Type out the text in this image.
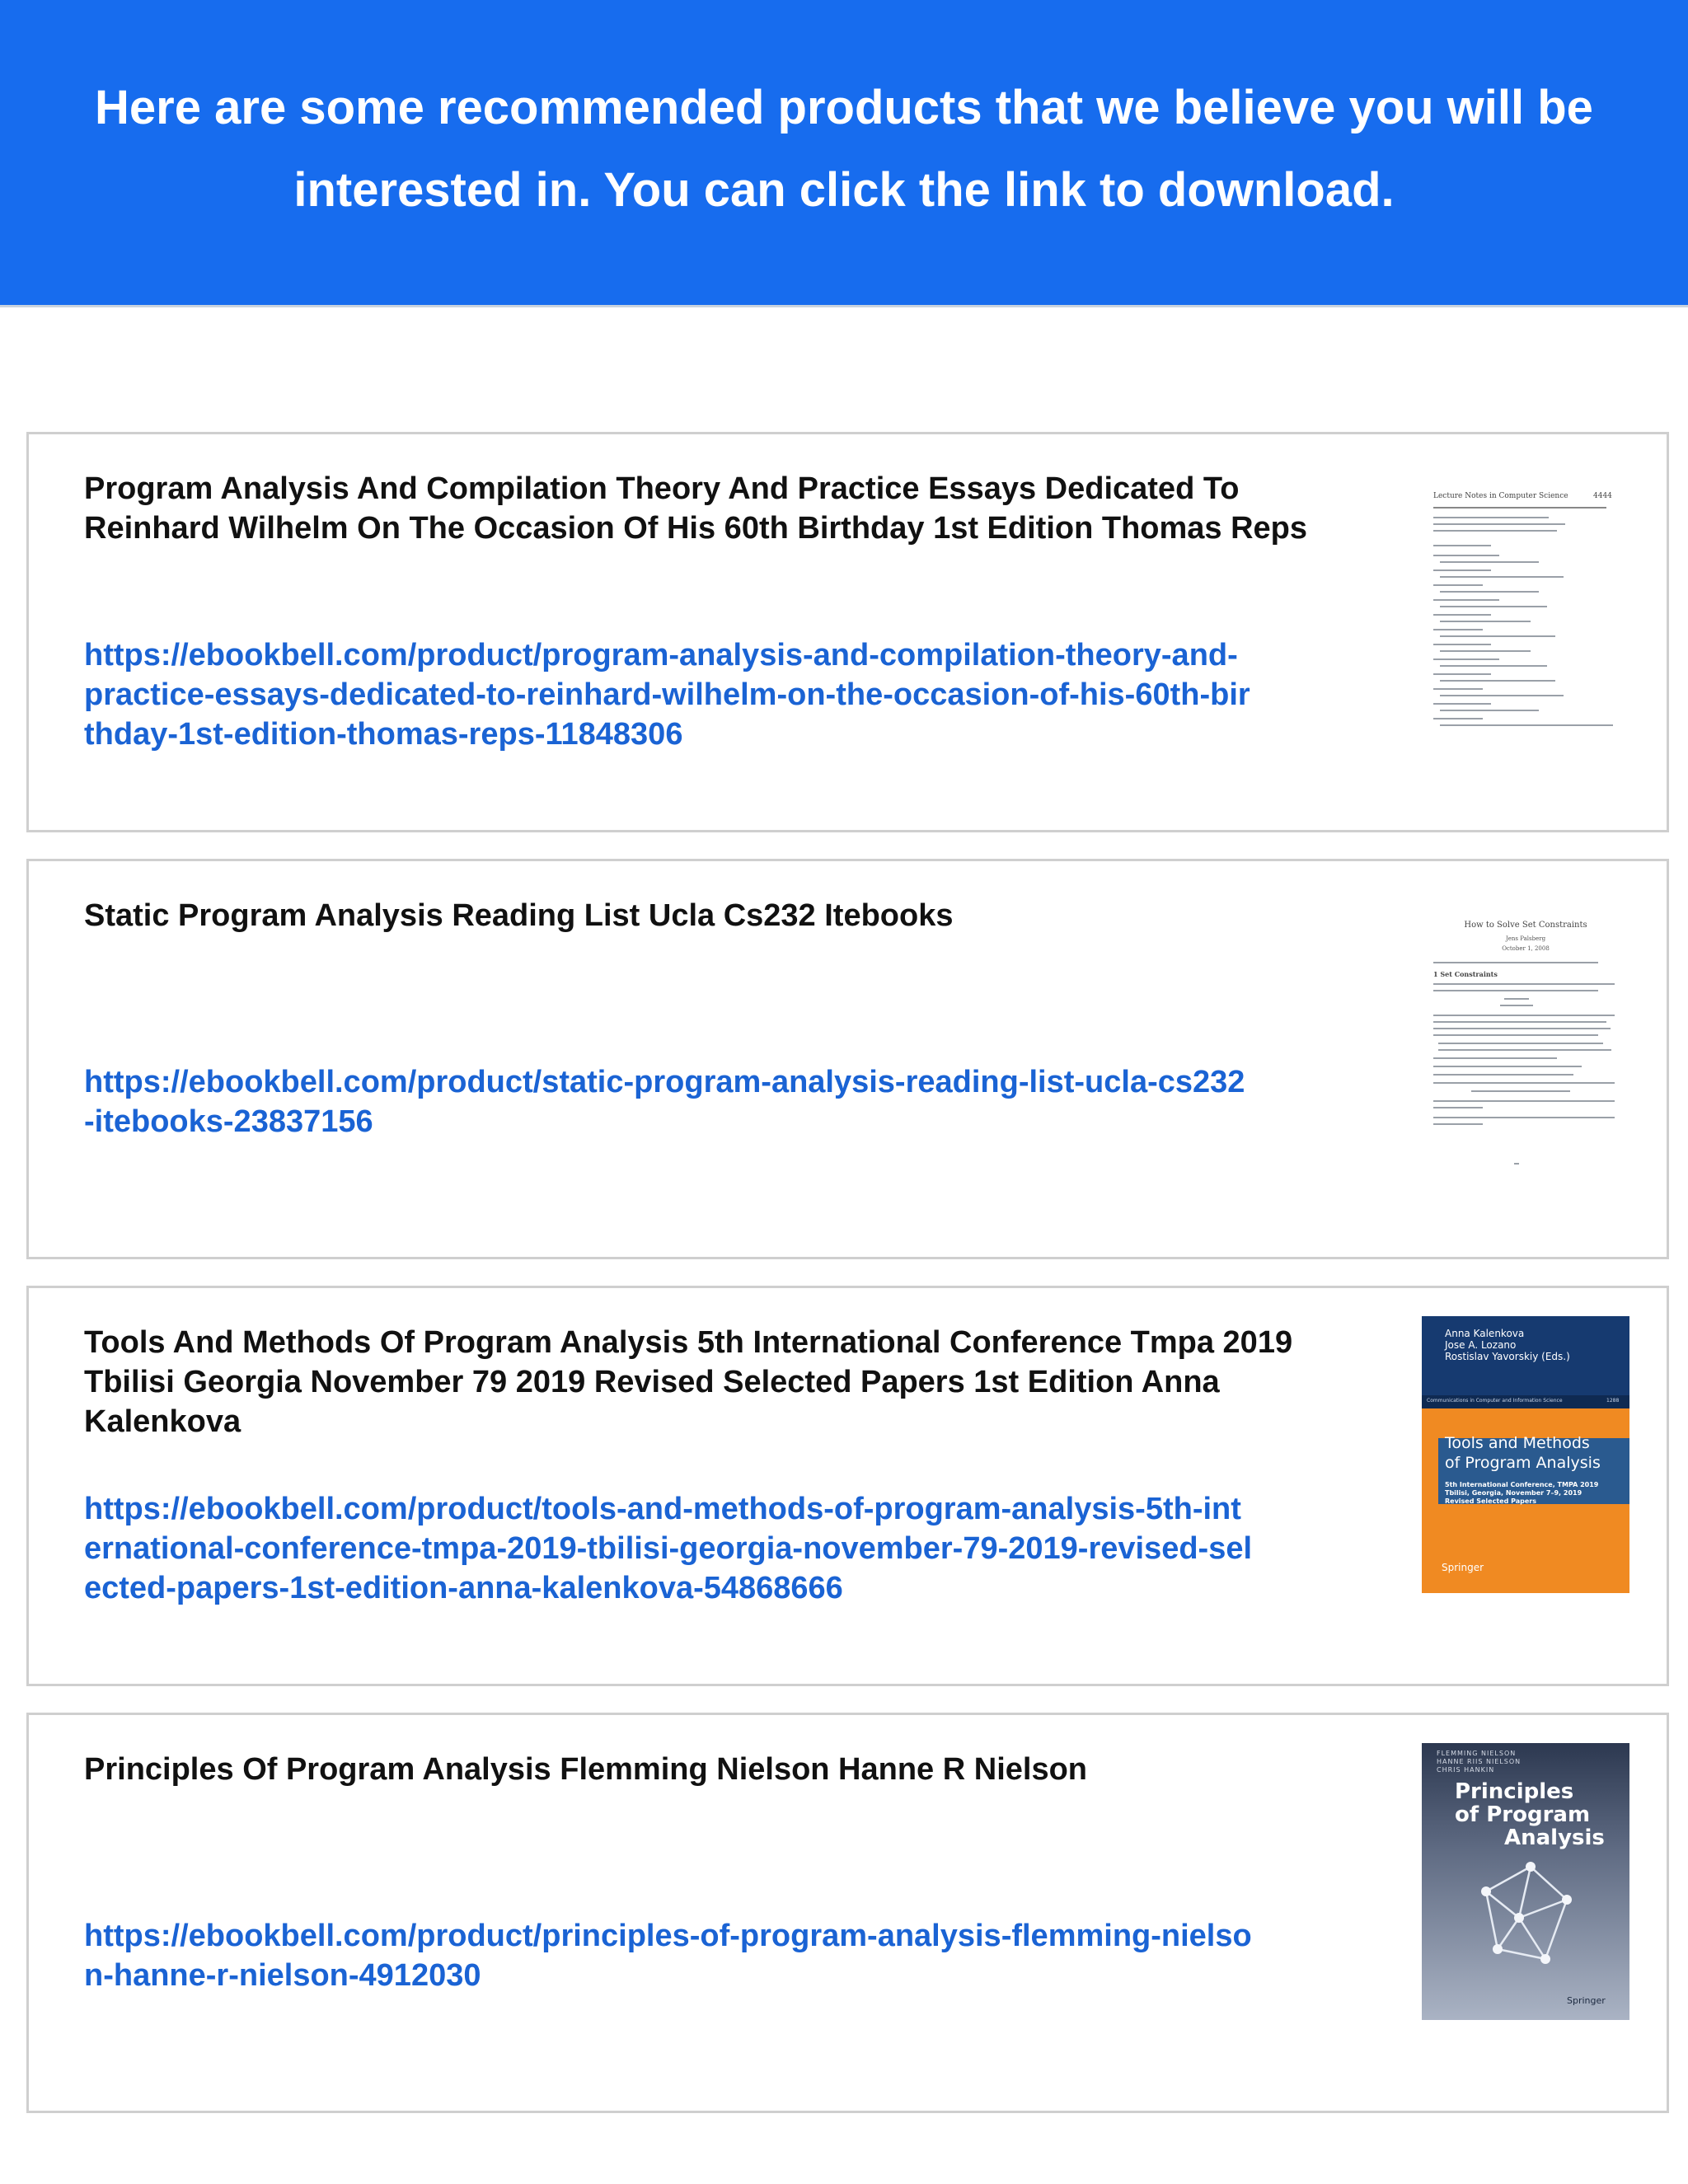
Here are some recommended products that we believe you will be interested in. You can click the link to download.

Program Analysis And Compilation Theory And Practice Essays Dedicated To Reinhard Wilhelm On The Occasion Of His 60th Birthday 1st Edition Thomas Reps

https://ebookbell.com/product/program-analysis-and-compilation-theory-and-practice-essays-dedicated-to-reinhard-wilhelm-on-the-occasion-of-his-60th-birthday-1st-edition-thomas-reps-11848306
Lecture Notes in Computer Science	4444

Static Program Analysis Reading List Ucla Cs232 Itebooks

https://ebookbell.com/product/static-program-analysis-reading-list-ucla-cs232-itebooks-23837156
How to Solve Set Constraints
Jens Palsberg
October 1, 2008
1 Set Constraints

Tools And Methods Of Program Analysis 5th International Conference Tmpa 2019 Tbilisi Georgia November 79 2019 Revised Selected Papers 1st Edition Anna Kalenkova

https://ebookbell.com/product/tools-and-methods-of-program-analysis-5th-international-conference-tmpa-2019-tbilisi-georgia-november-79-2019-revised-selected-papers-1st-edition-anna-kalenkova-54868666
Anna Kalenkova
Jose A. Lozano
Rostislav Yavorskiy (Eds.)
Communications in Computer and Information Science	1288
Tools and Methods
of Program Analysis
5th International Conference, TMPA 2019
Tbilisi, Georgia, November 7–9, 2019
Revised Selected Papers
Springer

Principles Of Program Analysis Flemming Nielson Hanne R Nielson

https://ebookbell.com/product/principles-of-program-analysis-flemming-nielson-hanne-r-nielson-4912030
FLEMMING NIELSON
HANNE RIIS NIELSON
CHRIS HANKIN
Principles
of Program
Analysis
Springer
